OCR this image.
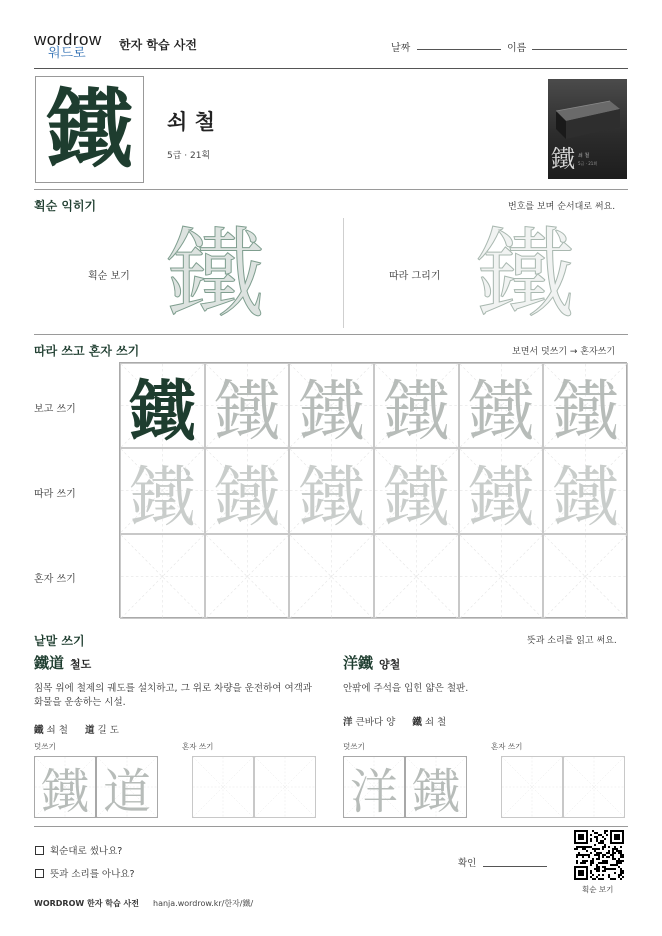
wordrow
워드로	한자 학습 사전	날짜	이름
鐵	쇠 철
5급 · 21획	鐵 쇠 철
5급 · 21획
획순 익히기	번호를 보며 순서대로 써요.
획순 보기 鐵	따라 그리기 鐵
따라 쓰고 혼자 쓰기	보면서 덧쓰기 → 혼자쓰기
보고 쓰기
따라 쓰기
혼자 쓰기
鐵 鐵 鐵 鐵 鐵 鐵
鐵 鐵 鐵 鐵 鐵 鐵
낱말 쓰기	뜻과 소리를 읽고 써요.
鐵道 철도
침목 위에 철제의 궤도를 설치하고, 그 위로 차량을 운전하여 여객과 화물을 운송하는 시설.
鐵 쇠 철 道 길 도
덧쓰기	혼자 쓰기
洋鐵 양철
안팎에 주석을 입힌 얇은 철판.
洋 큰바다 양 鐵 쇠 철
덧쓰기	혼자 쓰기
鐵 道	洋 鐵
획순대로 썼나요?
뜻과 소리를 아나요?
확인
획순 보기
WORDROW 한자 학습 사전 hanja.wordrow.kr/한자/鐵/
